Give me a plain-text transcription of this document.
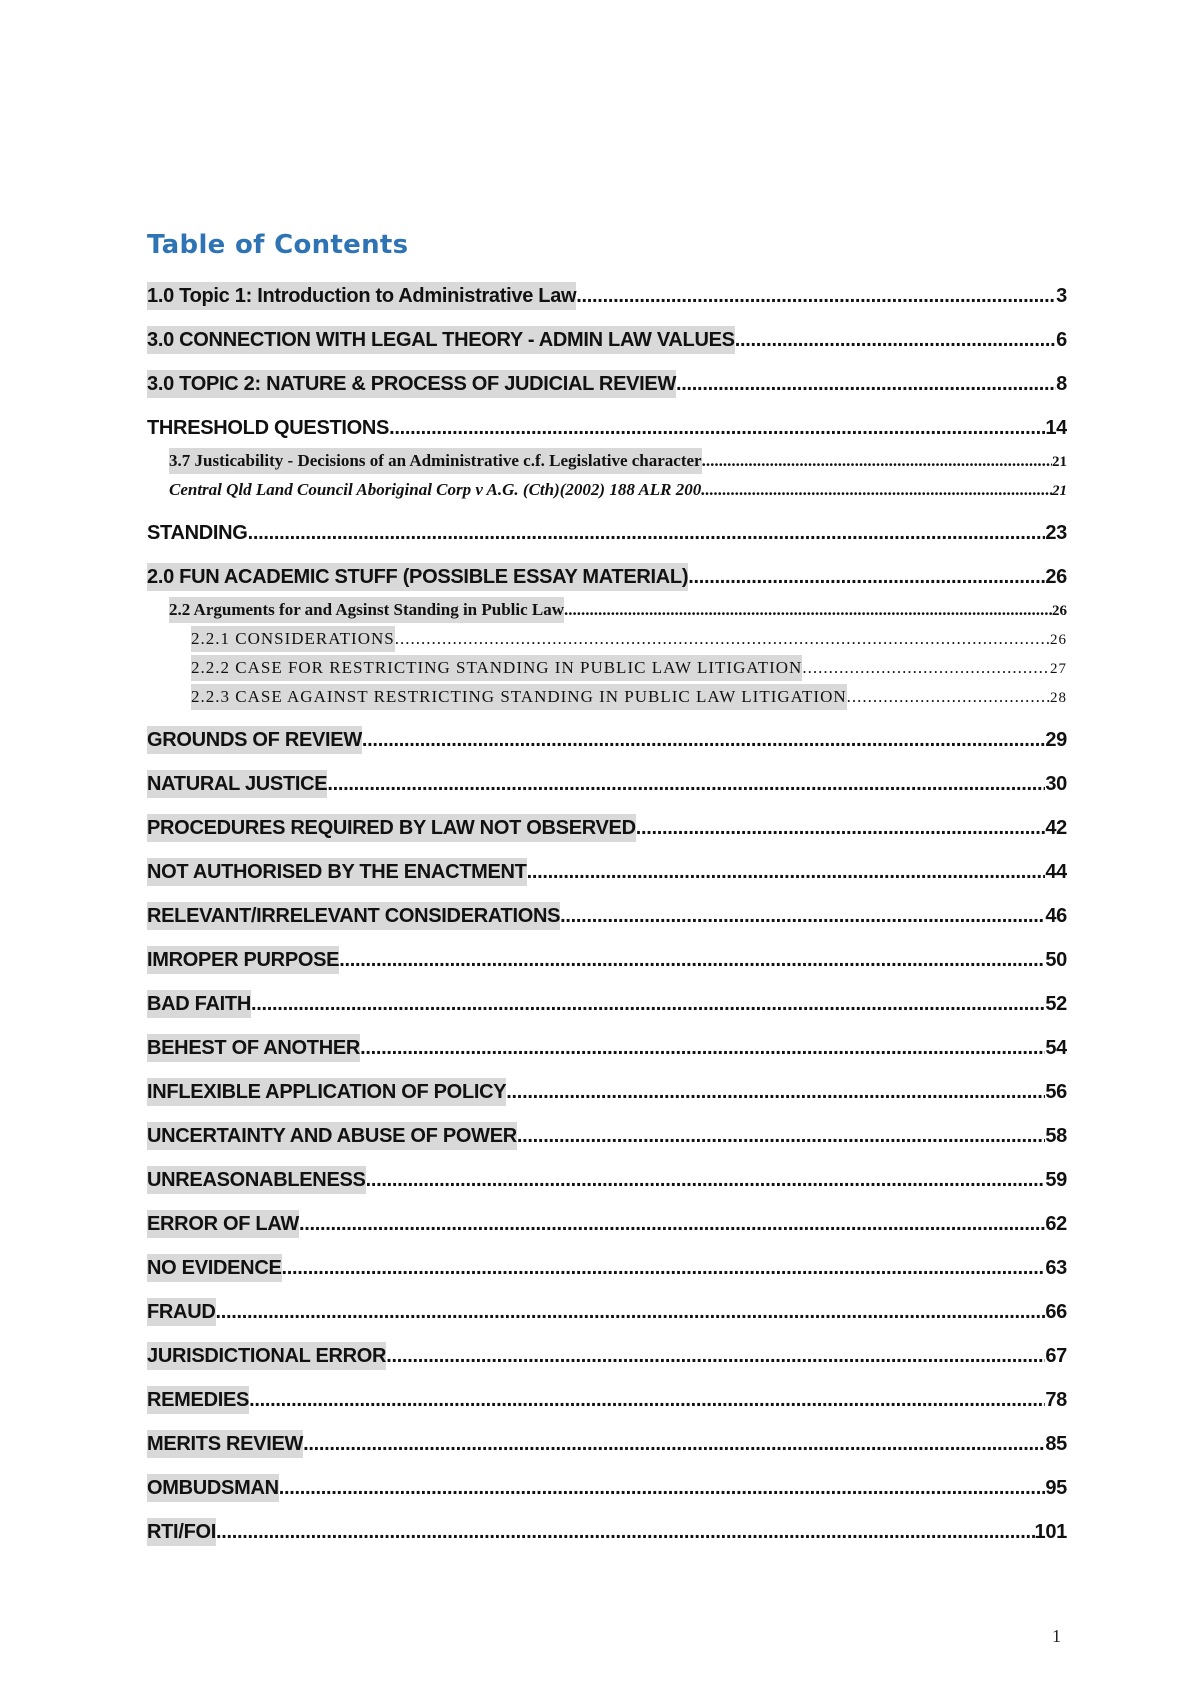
Table of Contents
1.0 Topic 1: Introduction to Administrative Law .....	3
3.0 CONNECTION WITH LEGAL THEORY - ADMIN LAW VALUES .....	6
3.0 TOPIC 2: NATURE & PROCESS OF JUDICIAL REVIEW .....	8
THRESHOLD QUESTIONS .....	14
3.7 Justicability - Decisions of an Administrative c.f. Legislative character .....	21
Central Qld Land Council Aboriginal Corp v A.G. (Cth)(2002) 188 ALR 200 .....	21
STANDING .....	23
2.0 FUN ACADEMIC STUFF (POSSIBLE ESSAY MATERIAL) .....	26
2.2 Arguments for and Agsinst Standing in Public Law .....	26
2.2.1 CONSIDERATIONS .....	26
2.2.2 CASE FOR RESTRICTING STANDING IN PUBLIC LAW LITIGATION .....	27
2.2.3 CASE AGAINST RESTRICTING STANDING IN PUBLIC LAW LITIGATION .....	28
GROUNDS OF REVIEW .....	29
NATURAL JUSTICE .....	30
PROCEDURES REQUIRED BY LAW NOT OBSERVED .....	42
NOT AUTHORISED BY THE ENACTMENT .....	44
RELEVANT/IRRELEVANT CONSIDERATIONS .....	46
IMROPER PURPOSE .....	50
BAD FAITH .....	52
BEHEST OF ANOTHER .....	54
INFLEXIBLE APPLICATION OF POLICY .....	56
UNCERTAINTY AND ABUSE OF POWER .....	58
UNREASONABLENESS .....	59
ERROR OF LAW .....	62
NO EVIDENCE .....	63
FRAUD .....	66
JURISDICTIONAL ERROR .....	67
REMEDIES .....	78
MERITS REVIEW .....	85
OMBUDSMAN .....	95
RTI/FOI .....	101
1
